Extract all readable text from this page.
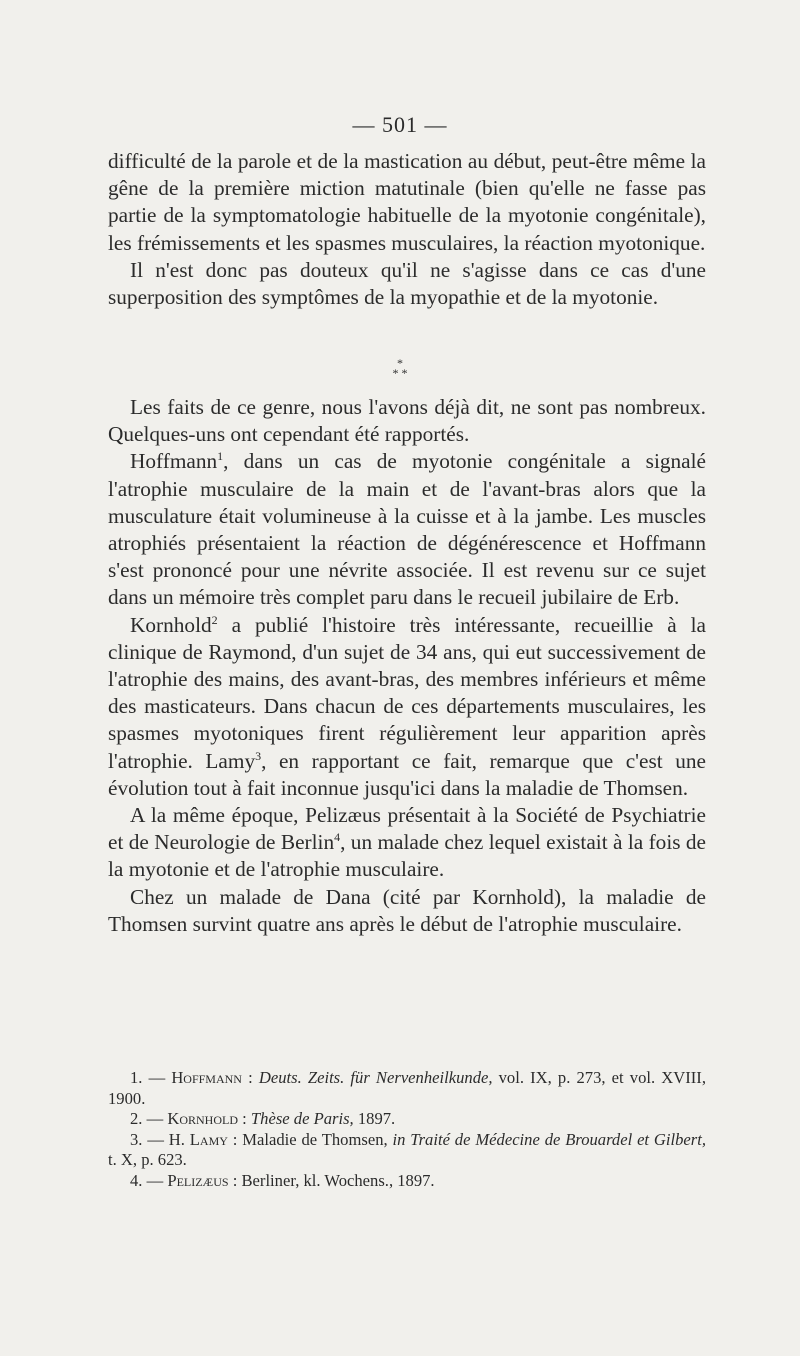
— 501 —

difficulté de la parole et de la mastication au début, peut-être même la gêne de la première miction matutinale (bien qu'elle ne fasse pas partie de la symptomatologie habituelle de la myotonie congénitale), les frémissements et les spasmes musculaires, la réaction myotonique.

Il n'est donc pas douteux qu'il ne s'agisse dans ce cas d'une superposition des symptômes de la myopathie et de la myotonie.

*
* *

Les faits de ce genre, nous l'avons déjà dit, ne sont pas nombreux. Quelques-uns ont cependant été rapportés.

Hoffmann$^1$, dans un cas de myotonie congénitale a signalé l'atrophie musculaire de la main et de l'avant-bras alors que la musculature était volumineuse à la cuisse et à la jambe. Les muscles atrophiés présentaient la réaction de dégénérescence et Hoffmann s'est prononcé pour une névrite associée. Il est revenu sur ce sujet dans un mémoire très complet paru dans le recueil jubilaire de Erb.

Kornhold$^2$ a publié l'histoire très intéressante, recueillie à la clinique de Raymond, d'un sujet de 34 ans, qui eut successivement de l'atrophie des mains, des avant-bras, des membres inférieurs et même des masticateurs. Dans chacun de ces départements musculaires, les spasmes myotoniques firent régulièrement leur apparition après l'atrophie. Lamy$^3$, en rapportant ce fait, remarque que c'est une évolution tout à fait inconnue jusqu'ici dans la maladie de Thomsen.

A la même époque, Pelizæus présentait à la Société de Psychiatrie et de Neurologie de Berlin$^4$, un malade chez lequel existait à la fois de la myotonie et de l'atrophie musculaire.

Chez un malade de Dana (cité par Kornhold), la maladie de Thomsen survint quatre ans après le début de l'atrophie musculaire.

1. — Hoffmann : Deuts. Zeits. für Nervenheilkunde, vol. IX, p. 273, et vol. XVIII, 1900.

2. — Kornhold : Thèse de Paris, 1897.

3. — H. Lamy : Maladie de Thomsen, in Traité de Médecine de Brouardel et Gilbert, t. X, p. 623.

4. — Pelizæus : Berliner, kl. Wochens., 1897.
